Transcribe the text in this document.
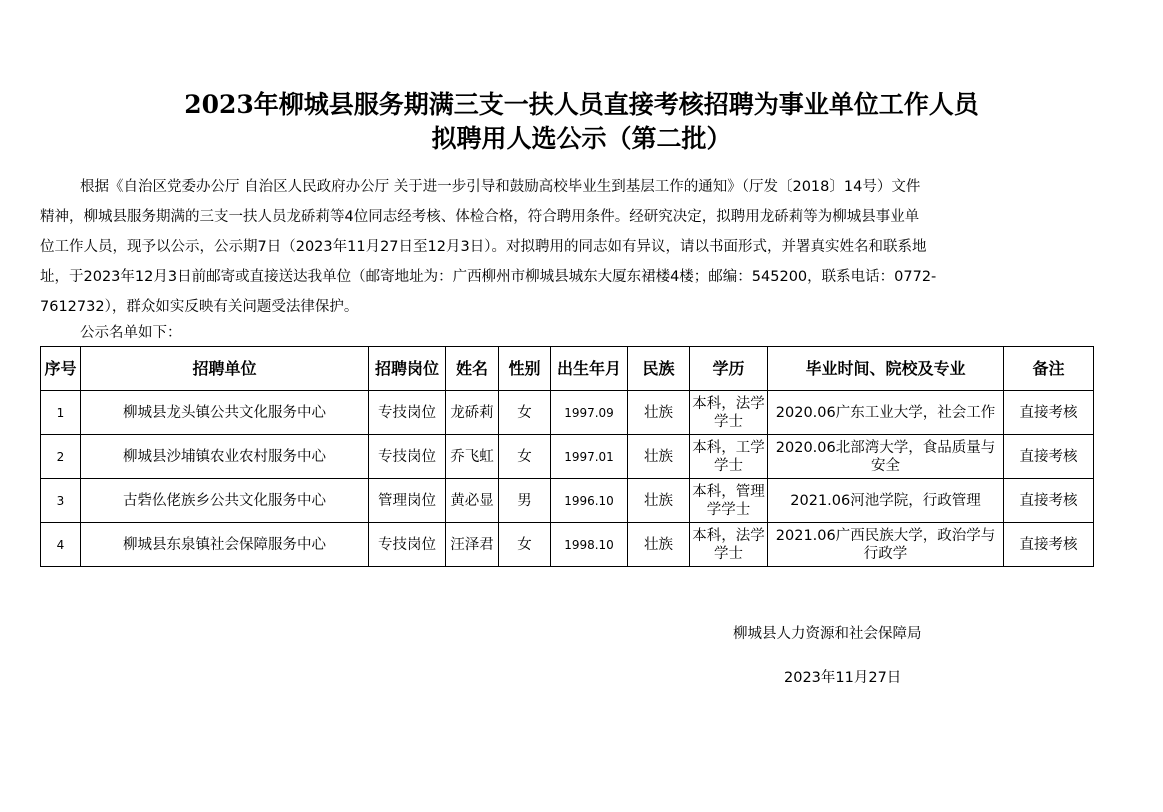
2023年柳城县服务期满三支一扶人员直接考核招聘为事业单位工作人员
拟聘用人选公示（第二批）
根据《自治区党委办公厅 自治区人民政府办公厅 关于进一步引导和鼓励高校毕业生到基层工作的通知》（厅发〔2018〕14号）文件
精神，柳城县服务期满的三支一扶人员龙硚莉等4位同志经考核、体检合格，符合聘用条件。经研究决定，拟聘用龙硚莉等为柳城县事业单
位工作人员，现予以公示，公示期7日（2023年11月27日至12月3日）。对拟聘用的同志如有异议，请以书面形式，并署真实姓名和联系地
址，于2023年12月3日前邮寄或直接送达我单位（邮寄地址为：广西柳州市柳城县城东大厦东裙楼4楼；邮编：545200，联系电话：0772-
7612732），群众如实反映有关问题受法律保护。
公示名单如下：
序号	招聘单位	招聘岗位	姓名	性别	出生年月	民族	学历	毕业时间、院校及专业	备注
1	柳城县龙头镇公共文化服务中心	专技岗位	龙硚莉	女	1997.09	壮族	本科，法学学士	2020.06广东工业大学，社会工作	直接考核
2	柳城县沙埔镇农业农村服务中心	专技岗位	乔飞虹	女	1997.01	壮族	本科，工学学士	2020.06北部湾大学，食品质量与安全	直接考核
3	古砦仫佬族乡公共文化服务中心	管理岗位	黄必显	男	1996.10	壮族	本科，管理学学士	2021.06河池学院，行政管理	直接考核
4	柳城县东泉镇社会保障服务中心	专技岗位	汪泽君	女	1998.10	壮族	本科，法学学士	2021.06广西民族大学，政治学与行政学	直接考核
柳城县人力资源和社会保障局
2023年11月27日
